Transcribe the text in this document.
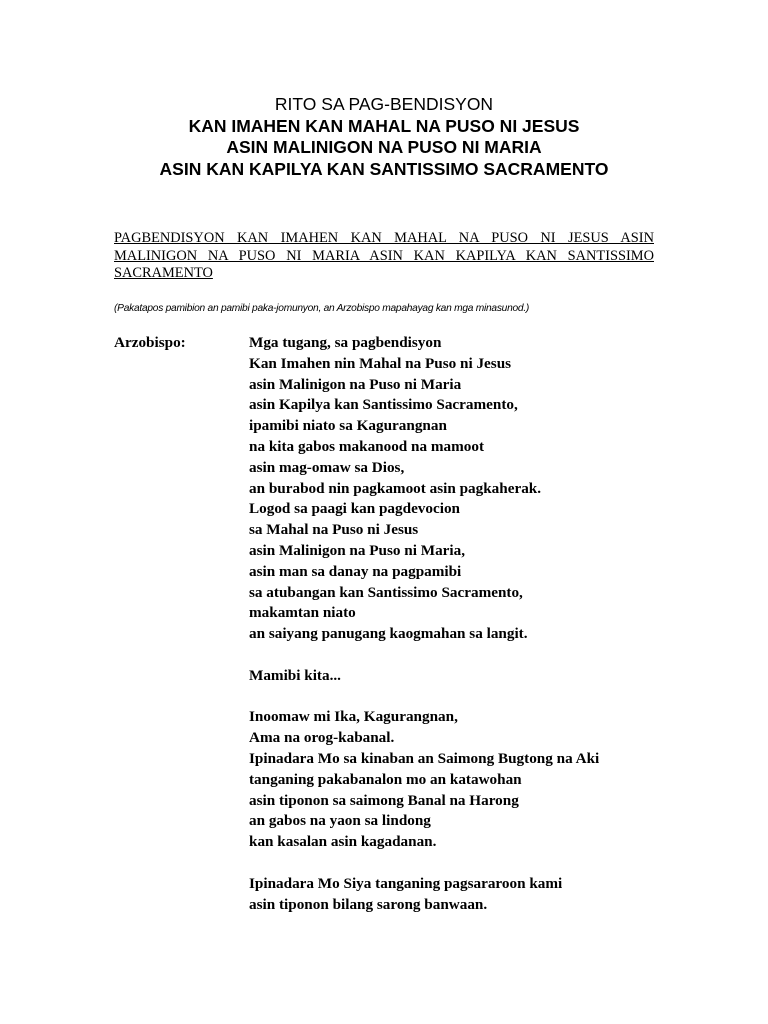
RITO SA PAG-BENDISYON
KAN IMAHEN KAN MAHAL NA PUSO NI JESUS
ASIN MALINIGON NA PUSO NI MARIA
ASIN KAN KAPILYA KAN SANTISSIMO SACRAMENTO
PAGBENDISYON KAN IMAHEN KAN MAHAL NA PUSO NI JESUS ASIN
MALINIGON NA PUSO NI MARIA ASIN KAN KAPILYA KAN SANTISSIMO
SACRAMENTO
(Pakatapos pamibion an pamibi paka-jomunyon, an Arzobispo mapahayag kan mga minasunod.)
Arzobispo:	Mga tugang, sa pagbendisyon
Kan Imahen nin Mahal na Puso ni Jesus
asin Malinigon na Puso ni Maria
asin Kapilya kan Santissimo Sacramento,
ipamibi niato sa Kagurangnan
na kita gabos makanood na mamoot
asin mag-omaw sa Dios,
an burabod nin pagkamoot asin pagkaherak.
Logod sa paagi kan pagdevocion
sa Mahal na Puso ni Jesus
asin Malinigon na Puso ni Maria,
asin man sa danay na pagpamibi
sa atubangan kan Santissimo Sacramento,
makamtan niato
an saiyang panugang kaogmahan sa langit.
Mamibi kita...
Inoomaw mi Ika, Kagurangnan,
Ama na orog-kabanal.
Ipinadara Mo sa kinaban an Saimong Bugtong na Aki
tanganing pakabanalon mo an katawohan
asin tiponon sa saimong Banal na Harong
an gabos na yaon sa lindong
kan kasalan asin kagadanan.
Ipinadara Mo Siya tanganing pagsararoon kami
asin tiponon bilang sarong banwaan.
